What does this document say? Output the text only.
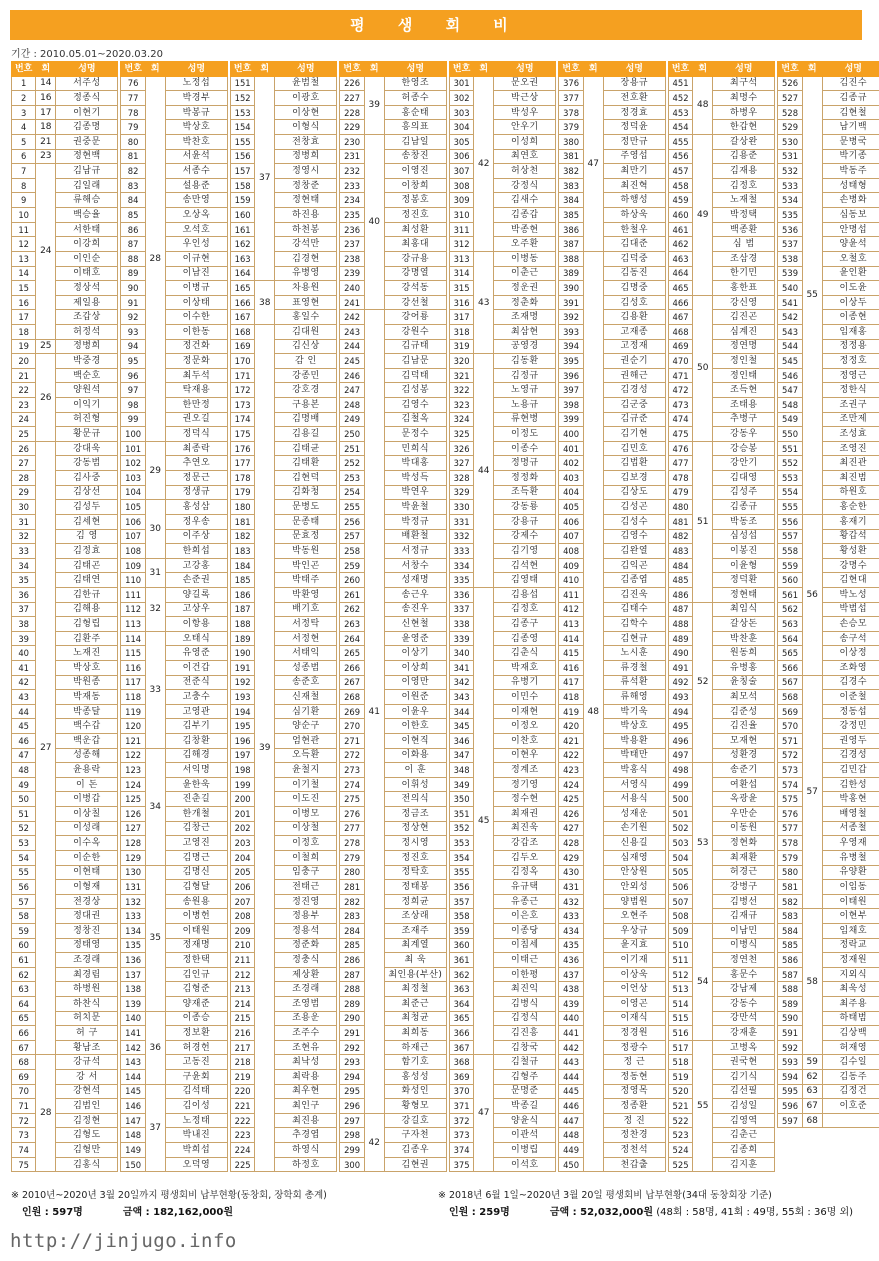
평 생 회 비
기간 : 2010.05.01~2020.03.20
번호	회	성명		번호	회	성명		번호	회	성명		번호	회	성명		번호	회	성명		번호	회	성명		번호	회	성명		번호	회	성명
1	14	서주성		76	28	노정섭		151	37	윤범철		226	39	한영조		301	42	문오권		376	47	장용규		451	48	최구석		526	55	김진수
2	16	정종식		77		박경부		152		이광호		227		허종수		302		박근상		377		전호환		452		최명수		527		김종규
3	17	이현기		78		박봉규		153		이상현		228		홍순태		303		박성우		378		정경효		453		하병우		528		김현철
4	18	김종명		79		박상호		154		이형식		229		흥의표		304		안우기		379		정덕윤		454		한갑현		529		남기백
5	21	권중문		80		박찬호		155		전창효		230	40	김남일		305		이성희		380		정만규		455	49	갈상완		530		문병국
6	23	정현백		81		서윤석		156		정병희		231		송창진		306		최연호		381		주영섭		456		김용준		531		박기종
7	24	김남규		82		서종수		157		정영시		232		이영진		307		허상천		382		최만기		457		김재용		532		박동주
8		김일래		83		설용준		158		정창준		233		이창희		308		강정식		383		최진혁		458		김정호		533		성태형
9		류해승		84		송만영		159		정현태		234		정봉호		309		김새수		384		하행성		459		노재철		534		손병화
10		백승율		85		오상옥		160		하진용		235		정진호		310		김종갑		385		하상욱		460		박정택		535		심동보
11		서한태		86		오석호		161		하천봉		236		최성환		311		박종현		386		한철우		461		백종환		536		안명섭
12		이강희		87		우인성		162		강석만		237		최홍대		312		오주환		387		김대준		462		심 범		537		양윤석
13		이인순		88		이규현		163		김경현		238		강규용		313	43	이병동		388	48	김덕중		463		조삼경		538		오철호
14		이태호		89		이남진		164		유병영		239		강명열		314		이춘근		389		김동진		464		한기민		539		윤인환
15		정상석		90		이병규		165	38	차용원		240		강석동		315		정운권		390		김명중		465		홍한표		540		이도윤
16		제일용		91		이상태		166		표영현		241		강선철		316		정춘화		391		김성호		466	50	강신영		541		이상두
17		조갑상		92		이수한		167		홍일수		242	41	강어룡		317		조재명		392		김용환		467		김진곤		542		이종현
18		허정석		93		이한동		168	39	김대원		243		강원수		318		최삼현		393		고재종		468		심계진		543		임재홍
19	25	정병희		94		정건화		169		김신상		244		김규태		319		공영경		394		고정재		469		정연명		544		정정용
20	26	박중경		95		정문화		170		감 인		245		김남문		320	44	김동환		395		권순기		470		정인철		545		정정호
21		백순호		96		최두석		171		강종민		246		김덕태		321		김정규		396		권해근		471		정인태		546		정영근
22		양원석		97		탁재용		172		강호경		247		김성봉		322		노영규		397		김경성		472		조득현		547		정한식
23		이익기		98		한만정		173		구용본		248		김영수		323		노용규		398		김군중		473		조태용		548		조권구
24		허진형		99		권오길		174		김명배		249		김철옥		324		류현병		399		김규준		474		추병구		549		조만제
25		황문규		100		정덕식		175		김용길		250		문정수		325		이정도		400		김기현		475		강동우		550		조성효
26	27	강대욱		101	29	최종락		176		김태균		251		민희식		326		이종수		401		김민호		476	51	강승봉		551		조영진
27		강동범		102		추연오		177		김태환		252		박대홍		327		정명규		402		김법환		477		강안기		552		최진관
28		김사중		103		정문근		178		김현덕		253		박성득		328		정정화		403		김보경		478		김대영		553		최진범
29		김상선		104		정생규		179		김화청		254		박연우		329		조득환		404		김상도		479		김성주		554		하원호
30		김성두		105	30	홍성삼		180		문병도		255		박윤철		330		강동룡		405		김성곤		480		김종규		555		홍순한
31		김세현		106		정우송		181		문종태		256		박정규		331		강용규		406		김성수		481		박동조		556	56	홍재기
32		김 영		107		이주상		182		문효정		257		배환철		332		강제수		407		김영수		482		심성섭		557		황갑석
33		김정효		108		한희섭		183		박동원		258		서정규		333		김기영		408		김완열		483		이봉진		558		황성환
34		김태곤		109	31	고강홍		184		박인곤		259		서창수		334		김석현		409		김익곤		484		이윤형		559		강명수
35		김태연		110		손준권		185		박태주		260		성재명		335		김영태		410		김종엽		485		정덕환		560		김현대
36		김한규		111	32	양길록		186		박환영		261		송근우		336	45	김용섭		411		김진욱		486		정현태		561		박노성
37		김해용		112		고상우		187		배기호		262		송진우		337		김정호		412		김태수		487	52	최임식		562		박범섭
38		김형립		113		이항용		188		서정탁		263		신현철		338		김종구		413		김학수		488		갈상돈		563		손승모
39		김환주		114	33	오태식		189		서정현		264		윤영준		339		김종영		414		김현규		489		박찬훈		564		송구석
40		노재진		115		유영준		190		서태익		265		이상기		340		김춘식		415		노시훈		490		원동희		565		이상정
41		박상호		116		이건갑		191		성종범		266		이상희		341		박재호		416		류경철		491		유병홍		566		조화영
42		박원종		117		전준식		192		송준호		267		이영만		342		유병기		417		류석환		492		윤칭술		567	57	김경수
43		박재동		118		고충수		193		신재철		268		이원준		343		이민수		418		류해영		493		최모석		568		이준철
44		박종달		119		고영관		194		심기환		269		이윤우		344		이재현		419		박기욱		494		김준성		569		정동섭
45		백수갑		120		김부기		195		양순구		270		이한호		345		이정오		420		박상호		495		김진율		570		강정민
46		백운갑		121		김창환		196		엄현관		271		이현직		346		이찬호		421		박용환		496		모재현		571		권영두
47		성종해		122	34	김해경		197		오득환		272		이화용		347		이현우		422		박태만		497		성환경		572		김경성
48		윤용락		123		서익명		198		윤철지		273		이 훈		348		정계조		423		박홍식		498	53	송준기		573		김민갑
49		이 돈		124		윤한욱		199		이기철		274		이휘성		349		정기영		424		서영식		499		여환섭		574		김한성
50		이병갑		125		진춘길		200		이도진		275		전의식		350		정수현		425		서용식		500		옥광윤		575		박홍현
51		이상칠		126		한개철		201		이병모		276		정금조		351		최재권		426		성재운		501		우만순		576		배영철
52		이성래		127		김창근		202		이상철		277		정상현		352		최진욱		427		손기원		502		이동원		577		서종철
53		이수옥		128		고영진		203		이정호		278		정시영		353		강갑조		428		신용길		503		정현화		578		우영재
54		이순한		129		김명근		204		이철희		279		정진호		354		김두오		429		심재영		504		최재환		579		유병철
55		이현태		130	35	김명신		205		임충구		280		정탁호		355		김정옥		430		안상원		505		허경근		580		유양환
56		이형재		131		김형달		206		전태근		281		정태봉		356		유규택		431		안외성		506		강병구		581		이임동
57		전경상		132		송원용		207		정진영		282		정희균		357		유종근		432		양범원		507		김병선		582		이태원
58		정대권		133		이병헌		208		정용부		283		조상래		358		이은호		433		오현주		508		김재규		583	58	이현부
59		정창진		134		이태원		209		정용석		284		조재주		359		이종당		434		우상규		509	54	이남민		584		임채호
60		정태영		135		정재명		210		정준화		285		최계열		360		이침세		435		윤지효		510		이병식		585		정락교
61		조경래		136		정한택		211		정충식		286		최 욱		361		이태근		436		이기재		511		정연천		586		정재원
62		최경림		137		김인규		212		제상환		287		최인용(부산)		362		이한평		437		이상욱		512		홍문수		587		지외식
63		하병원		138		김형준		213		조경래		288		최정철		363		최진익		438		이언상		513		강남제		588		최욱성
64		하찬식		139		양재준		214		조영범		289		최준근		364		김병식		439		이영곤		514		강동수		589		최주용
65		허치문		140	36	이종승		215		조용운		290		최청균		365		김정식		440		이재식		515		강만석		590		하태범
66		허 구		141		정보환		216		조주수		291		최희동		366		김진흥		441		정경원		516		강재훈		591		김상백
67		황남조		142		허경헌		217		조현유		292		하재근		367		김창국		442		정광수		517	55	고병옥		592		허재영
68	28	강규석		143		고동진		218		최낙성		293		함기호		368	47	김철규		443		정 근		518		권국현		593	59	김수일
69		강 서		144		구윤회		219		최락용		294		홍성성		369		김형주		444		정동현		519		김기식		594	62	김동주
70		강현석		145	37	김석태		220		최우현		295		화성인		370		문명준		445		정영목		520		김선필		595	63	김정건
71		김범인		146		김이성		221		최인구		296		황형모		371		박종길		446		정종환		521		김성일		596	67	이호준
72		김정현		147		노정태		222		최진용		297	42	강길호		372		양윤식		447		정 진		522		김영역		597	68	
73		김형도		148		박내진		223		추경엽		298		구자천		373		이관석		448		정찬경		523		김춘근				
74		김형만		149		박희섭		224		하영식		299		김종우		374		이병립		449		정천석		524		김종희				
75		김홍식		150		오덕영		225		하정호		300		김현권		375		이석호		450		천갑출		525		김지훈				
※ 2010년~2020년 3월 20일까지 평생회비 납부현황(동창회, 장학회 총계)	※ 2018년 6월 1일~2020년 3월 20일 평생회비 납부현황(34대 동창회장 기준)
인원 : 597명	금액 : 182,162,000원	인원 : 259명	금액 : 52,032,000원 (48회 : 58명, 41회 : 49명, 55회 : 36명 외)
http://jinjugo.info
